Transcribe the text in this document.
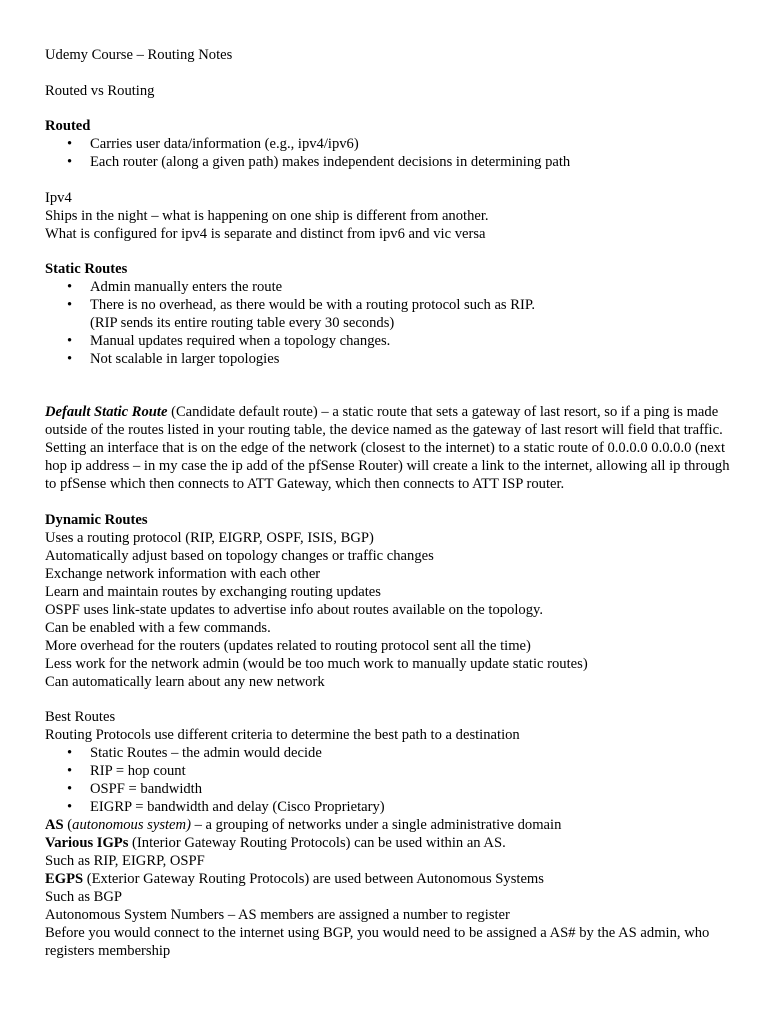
Udemy Course – Routing Notes

Routed vs Routing

Routed

• Carries user data/information (e.g., ipv4/ipv6)
• Each router (along a given path) makes independent decisions in determining path

Ipv4

Ships in the night – what is happening on one ship is different from another.

What is configured for ipv4 is separate and distinct from ipv6 and vic versa

Static Routes

• Admin manually enters the route
• There is no overhead, as there would be with a routing protocol such as RIP.

(RIP sends its entire routing table every 30 seconds)

• Manual updates required when a topology changes.
• Not scalable in larger topologies

Default Static Route (Candidate default route) – a static route that sets a gateway of last resort, so if a ping is made outside of the routes listed in your routing table, the device named as the gateway of last resort will field that traffic.

Setting an interface that is on the edge of the network (closest to the internet) to a static route of 0.0.0.0 0.0.0.0 (next hop ip address – in my case the ip add of the pfSense Router) will create a link to the internet, allowing all ip through to pfSense which then connects to ATT Gateway, which then connects to ATT ISP router.

Dynamic Routes

Uses a routing protocol (RIP, EIGRP, OSPF, ISIS, BGP)

Automatically adjust based on topology changes or traffic changes

Exchange network information with each other

Learn and maintain routes by exchanging routing updates

OSPF uses link-state updates to advertise info about routes available on the topology.

Can be enabled with a few commands.

More overhead for the routers (updates related to routing protocol sent all the time)

Less work for the network admin (would be too much work to manually update static routes)

Can automatically learn about any new network

Best Routes

Routing Protocols use different criteria to determine the best path to a destination

• Static Routes – the admin would decide
• RIP = hop count
• OSPF = bandwidth
• EIGRP = bandwidth and delay (Cisco Proprietary)

AS (autonomous system) – a grouping of networks under a single administrative domain

Various IGPs (Interior Gateway Routing Protocols) can be used within an AS.

Such as RIP, EIGRP, OSPF

EGPS (Exterior Gateway Routing Protocols) are used between Autonomous Systems

Such as BGP

Autonomous System Numbers – AS members are assigned a number to register

Before you would connect to the internet using BGP, you would need to be assigned a AS# by the AS admin, who registers membership
